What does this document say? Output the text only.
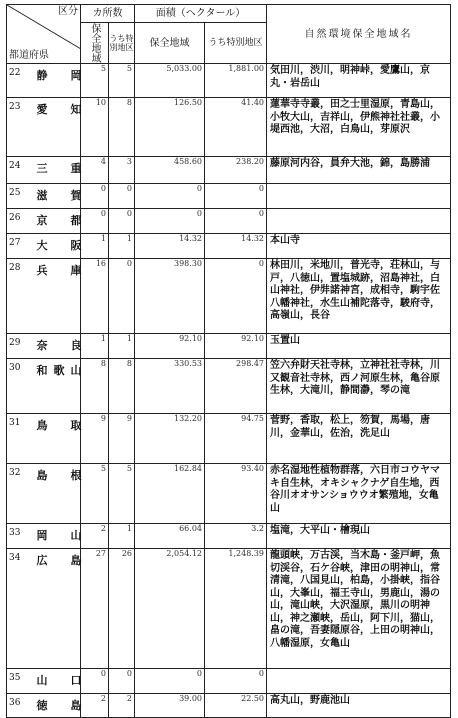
区分
都道府県		カ所数		面積（ヘクタール）		自然環境保全地域名

		保全地域	うち特別地区	保全地域	うち特別地区	
22	静　岡	5	5	5,033.00	1,881.00	気田川，渋川，明神峠，愛鷹山，京丸・岩岳山
23	愛　知	10	8	126.50	41.40	蓮華寺寺叢，田之士里湿原，青島山，小牧大山，吉祥山，伊熊神社社叢，小堤西池，大沼，白鳥山，芽原沢
24	三　重	4	3	458.60	238.20	藤原河内谷，員弁大池，錦，島勝浦
25	滋　賀	0	0	0	0	
26	京　都	0	0	0	0	
27	大　阪	1	1	14.32	14.32	本山寺
28	兵　庫	16	0	398.30	0	林田川，米地川，普光寺，荘林山，与戸，八徳山，置塩城跡，沼島神社，白山神社，伊弉諾神宮，成相寺，駒宇佐八幡神社，水生山補陀落寺，駿府寺，高嶺山，長谷
29	奈　良	1	1	92.10	92.10	玉置山
30	和歌山	8	8	330.53	298.47	笠六弁財天社寺林，立神社社寺林，川又観音社寺林，西ノ河原生林，亀谷原生林，大滝川，静間瀞，琴の滝
31	鳥　取	9	9	132.20	94.75	菅野，香取，松上，笏賀，馬場，唐川，金華山，佐治，洗足山
32	島　根	5	5	162.84	93.40	赤名湿地性植物群落，六日市コウヤマキ自生林，オキシャクナゲ自生地，西谷川オオサンショウウオ繁殖地，女亀山
33	岡　山	2	1	66.04	3.2	塩滝，大平山・檜現山
34	広　島	27	26	2,054.12	1,248.39	龍頭峡，万古渓，当木島・釜戸岬，魚切渓谷，石ケ谷峡，津田の明神山，常清滝，八国見山，柏島，小掛峡，指谷山，大峯山，福王寺山，男鹿山，湯の山，滝山峡，大沢湿原，黒川の明神山，神之瀬峡，岳山，阿下川，猫山，畠の滝，吾妻隠原谷，上田の明神山，八幡湿原，女亀山
35	山　口	0	0	0	0	
36	徳　島	2	2	39.00	22.50	高丸山，野鹿池山
